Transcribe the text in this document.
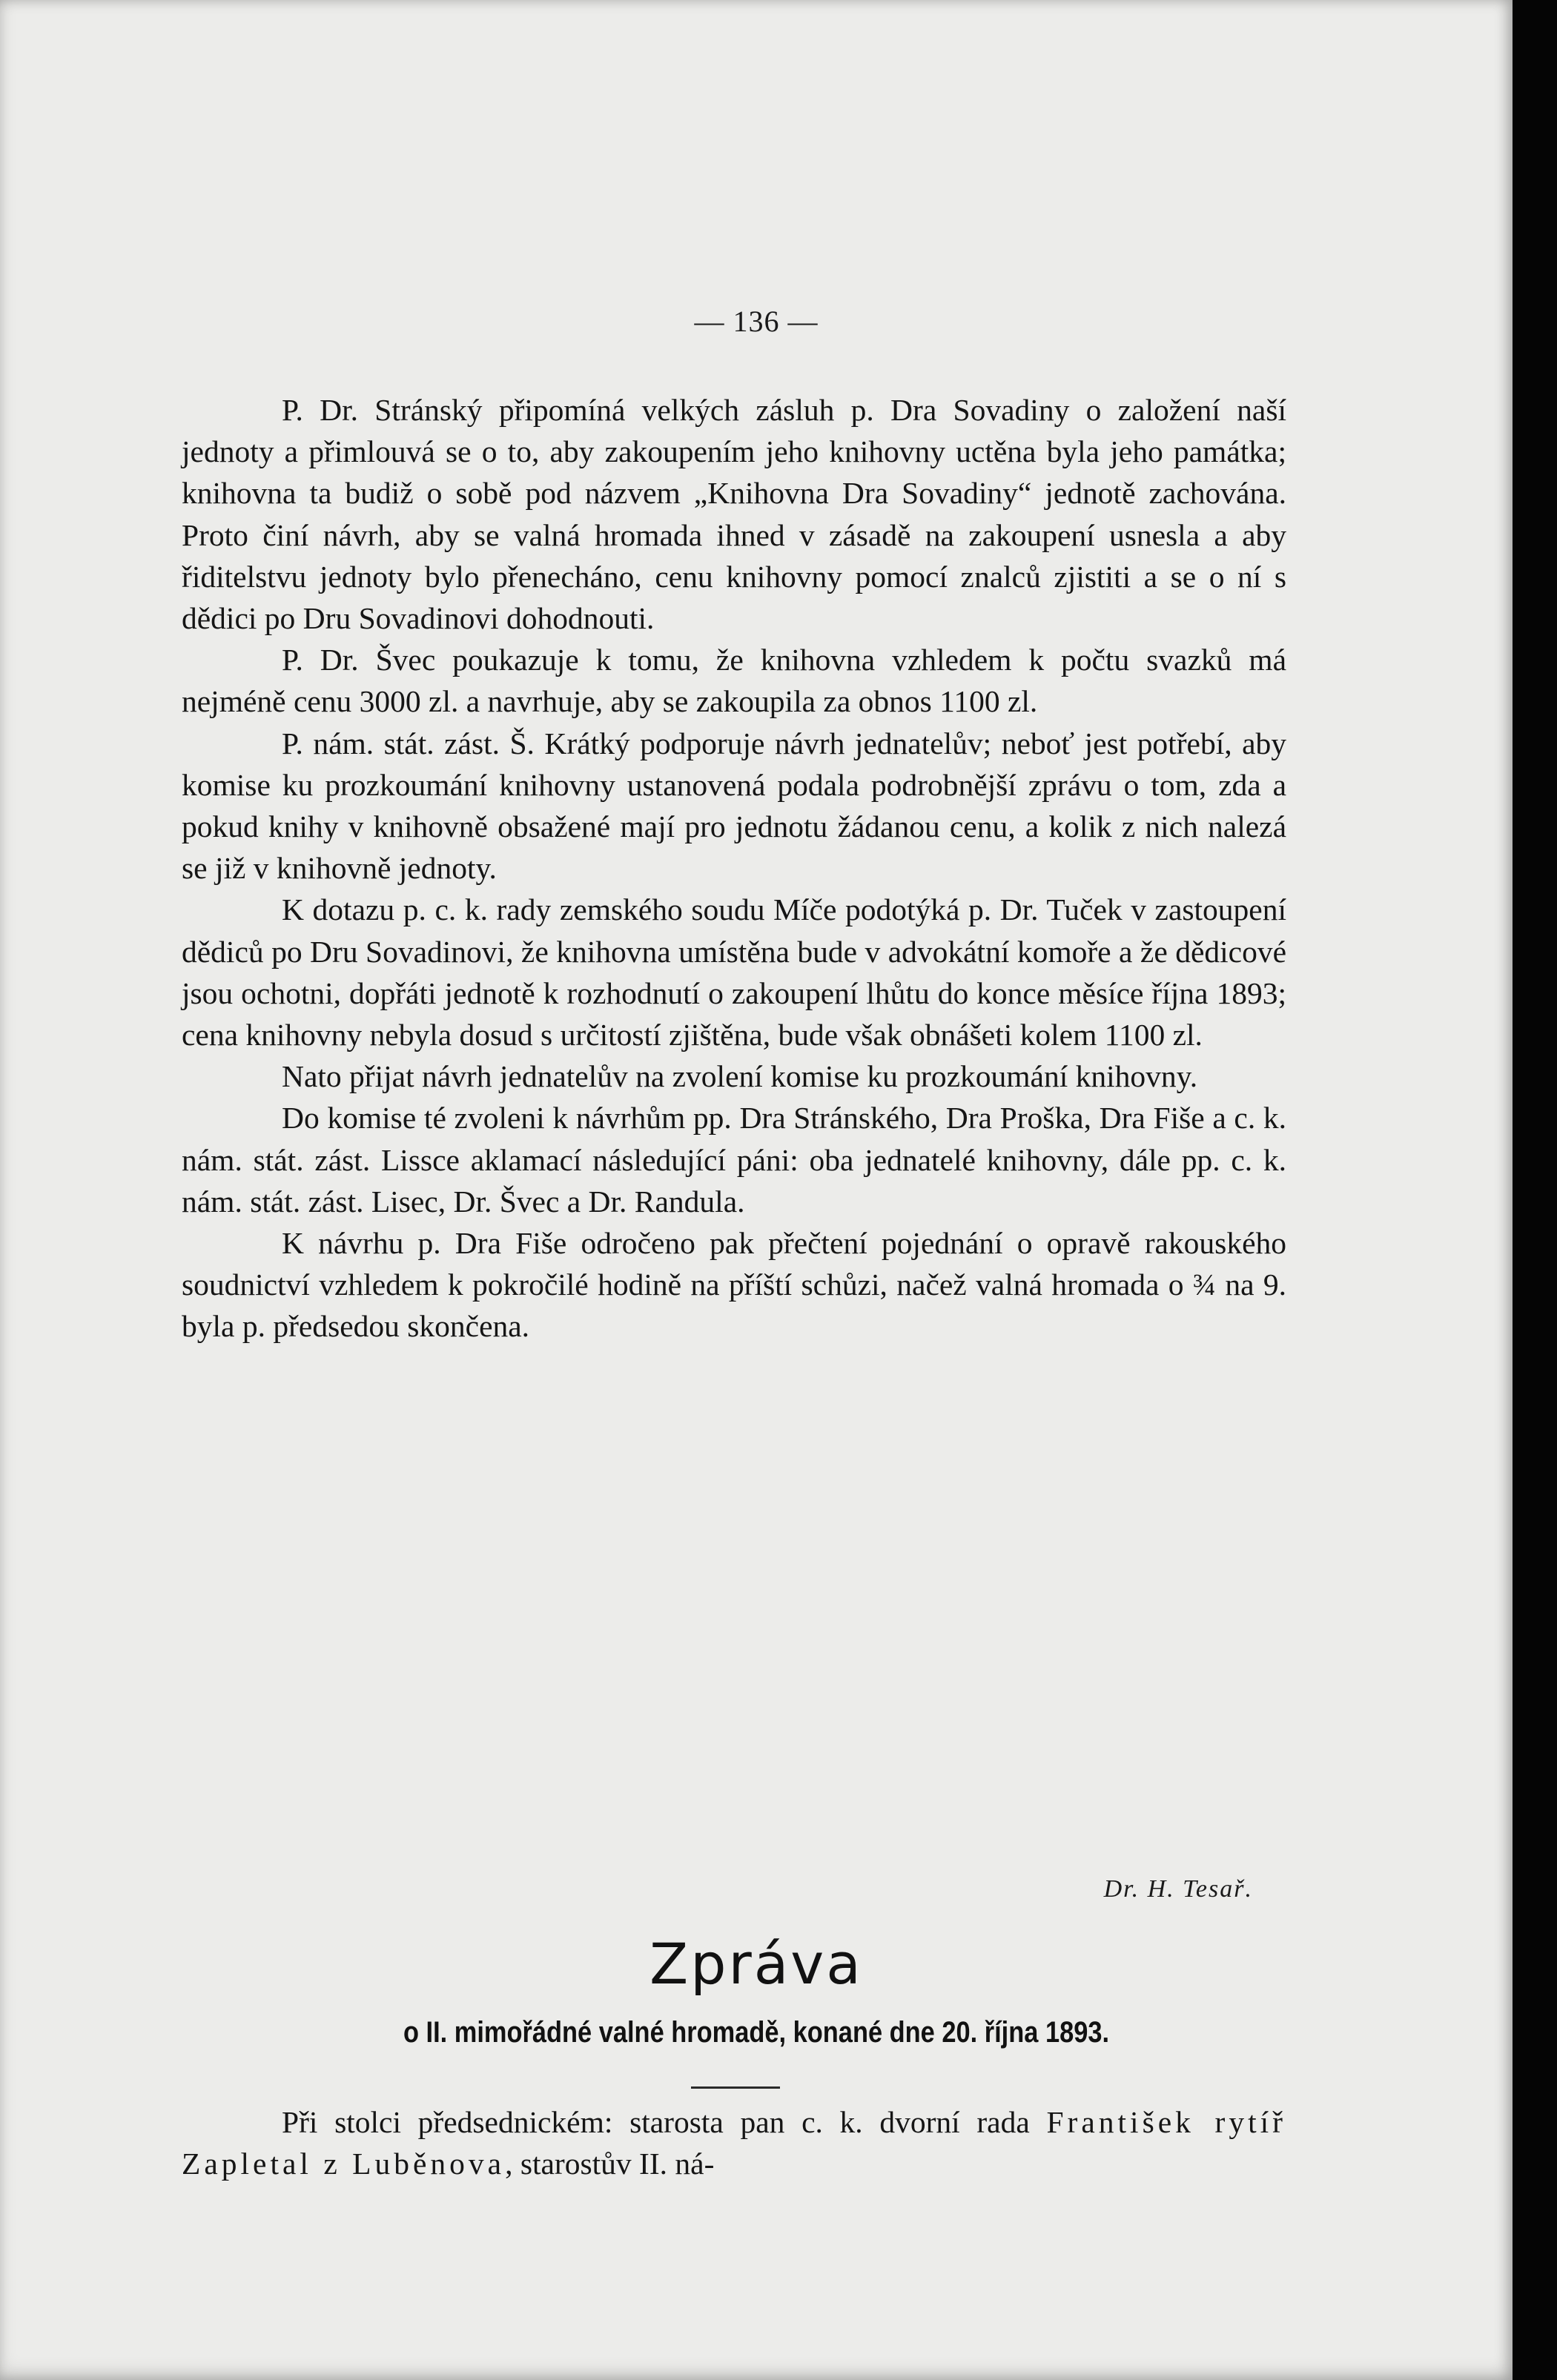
— 136 —

P. Dr. Stránský připomíná velkých zásluh p. Dra Sovadiny o založení naší jednoty a přimlouvá se o to, aby zakoupením jeho knihovny uctěna byla jeho památka; knihovna ta budiž o sobě pod názvem „Knihovna Dra Sovadiny“ jednotě zachována. Proto činí návrh, aby se valná hromada ihned v zásadě na zakoupení usnesla a aby řiditelstvu jednoty bylo přenecháno, cenu knihovny pomocí znalců zjistiti a se o ní s dědici po Dru Sovadinovi dohodnouti.

P. Dr. Švec poukazuje k tomu, že knihovna vzhledem k počtu svazků má nejméně cenu 3000 zl. a navrhuje, aby se zakoupila za obnos 1100 zl.

P. nám. stát. zást. Š. Krátký podporuje návrh jednatelův; neboť jest potřebí, aby komise ku prozkoumání knihovny ustanovená podala podrobnější zprávu o tom, zda a pokud knihy v knihovně obsažené mají pro jednotu žádanou cenu, a kolik z nich nalezá se již v knihovně jednoty.

K dotazu p. c. k. rady zemského soudu Míče podotýká p. Dr. Tuček v zastoupení dědiců po Dru Sovadinovi, že knihovna umístěna bude v advokátní komoře a že dědicové jsou ochotni, dopřáti jednotě k rozhodnutí o zakoupení lhůtu do konce měsíce října 1893; cena knihovny nebyla dosud s určitostí zjištěna, bude však obnášeti kolem 1100 zl.

Nato přijat návrh jednatelův na zvolení komise ku prozkoumání knihovny.

Do komise té zvoleni k návrhům pp. Dra Stránského, Dra Proška, Dra Fiše a c. k. nám. stát. zást. Lissce aklamací následující páni: oba jednatelé knihovny, dále pp. c. k. nám. stát. zást. Lisec, Dr. Švec a Dr. Randula.

K návrhu p. Dra Fiše odročeno pak přečtení pojednání o opravě rakouského soudnictví vzhledem k pokročilé hodině na příští schůzi, načež valná hromada o ¾ na 9. byla p. předsedou skončena.

Dr. H. Tesař.
Zpráva
o II. mimořádné valné hromadě, konané dne 20. října 1893.

Při stolci předsednickém: starosta pan c. k. dvorní rada František rytíř Zapletal z Luběnova, starostův II. ná-
